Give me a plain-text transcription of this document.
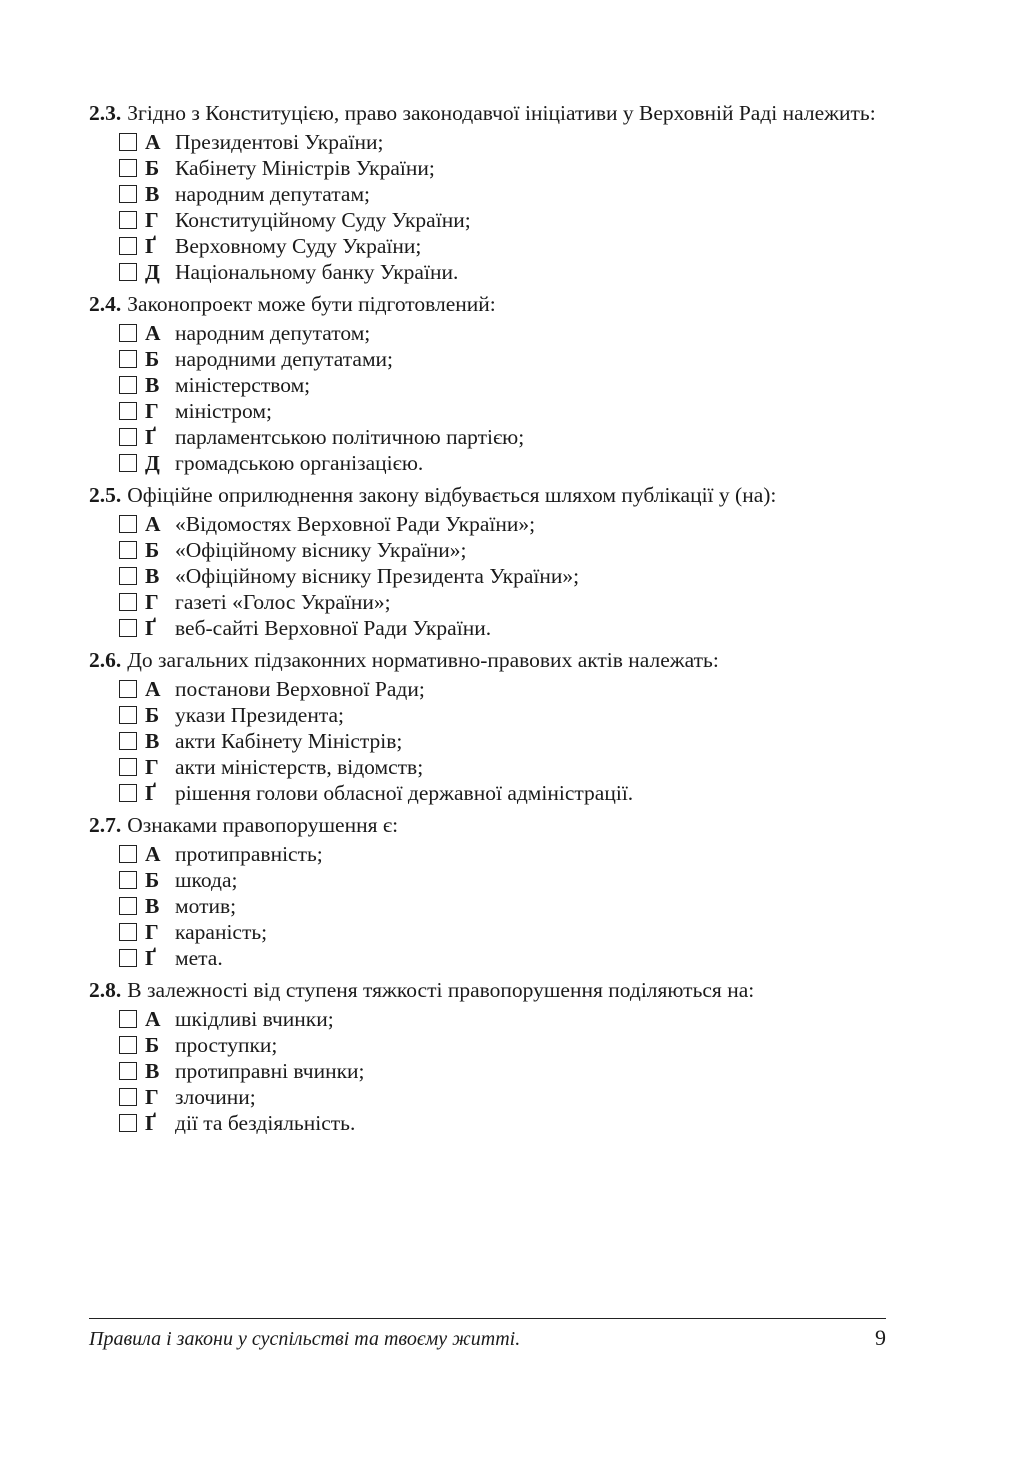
2.3. Згідно з Конституцією, право законодавчої ініціативи у Верховній Раді належить:

А Президентові України;
Б Кабінету Міністрів України;
В народним депутатам;
Г Конституційному Суду України;
Ґ Верховному Суду України;
Д Національному банку України.

2.4. Законопроект може бути підготовлений:

А народним депутатом;
Б народними депутатами;
В міністерством;
Г міністром;
Ґ парламентською політичною партією;
Д громадською організацією.

2.5. Офіційне оприлюднення закону відбувається шляхом публікації у (на):

А «Відомостях Верховної Ради України»;
Б «Офіційному віснику України»;
В «Офіційному віснику Президента України»;
Г газеті «Голос України»;
Ґ веб-сайті Верховної Ради України.

2.6. До загальних підзаконних нормативно-правових актів належать:

А постанови Верховної Ради;
Б укази Президента;
В акти Кабінету Міністрів;
Г акти міністерств, відомств;
Ґ рішення голови обласної державної адміністрації.

2.7. Ознаками правопорушення є:

А протиправність;
Б шкода;
В мотив;
Г караність;
Ґ мета.

2.8. В залежності від ступеня тяжкості правопорушення поділяються на:

А шкідливі вчинки;
Б проступки;
В протиправні вчинки;
Г злочини;
Ґ дії та бездіяльність.
Правила і закони у суспільстві та твоєму житті.	9
